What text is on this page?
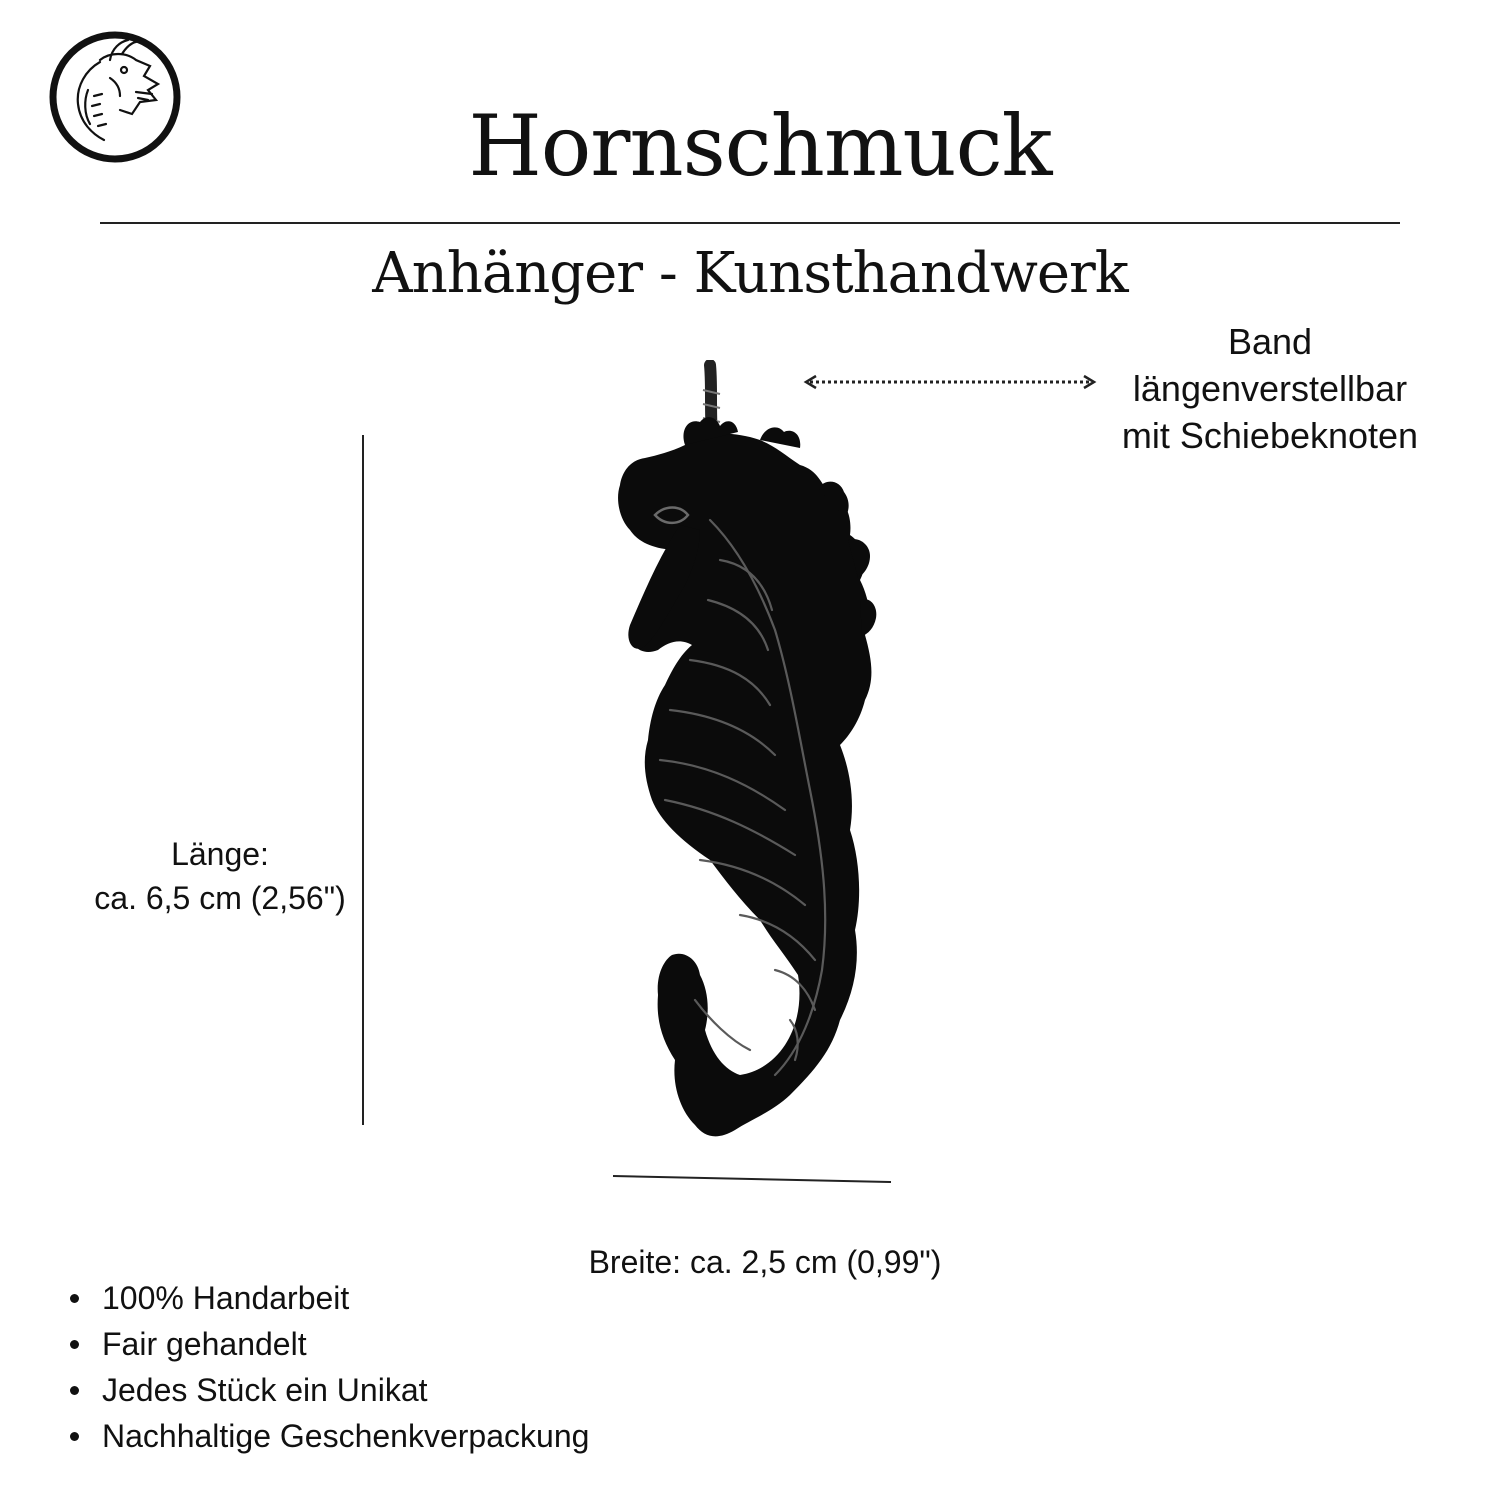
Hornschmuck
Anhänger - Kunsthandwerk
Band
längenverstellbar
mit Schiebeknoten
Länge:
ca. 6,5 cm (2,56")
Breite: ca. 2,5 cm (0,99")
100% Handarbeit
Fair gehandelt
Jedes Stück ein Unikat
Nachhaltige Geschenkverpackung
